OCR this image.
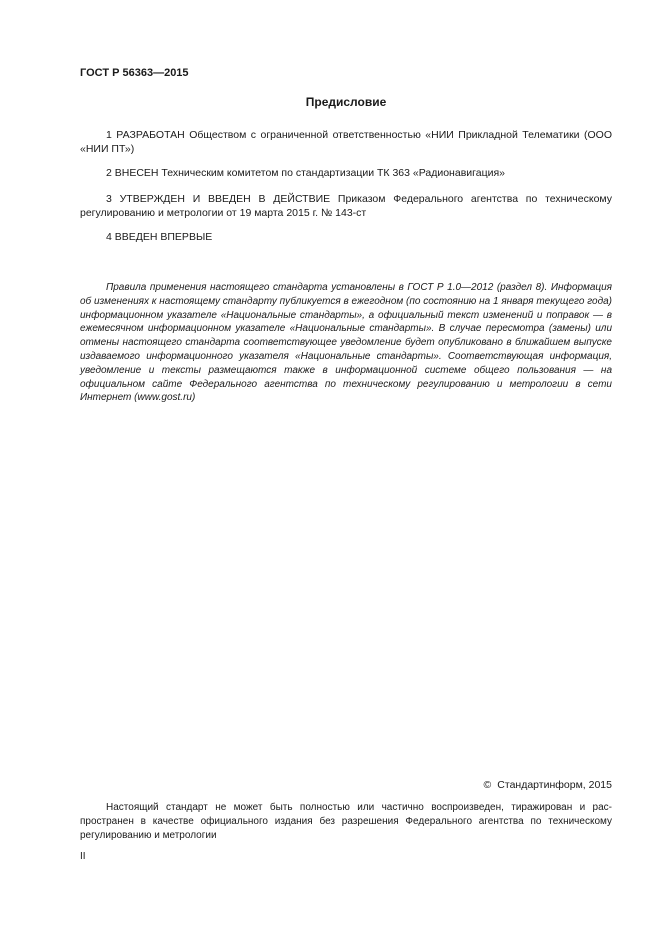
ГОСТ Р 56363—2015
Предисловие

1 РАЗРАБОТАН Обществом с ограниченной ответственностью «НИИ Прикладной Телематики (ООО «НИИ ПТ»)

2 ВНЕСЕН Техническим комитетом по стандартизации ТК 363 «Радионавигация»

3 УТВЕРЖДЕН И ВВЕДЕН В ДЕЙСТВИЕ Приказом Федерального агентства по техническому регулированию и метрологии от 19 марта 2015 г. № 143-ст

4 ВВЕДЕН ВПЕРВЫЕ

Правила применения настоящего стандарта установлены в ГОСТ Р 1.0—2012 (раздел 8). Информация об изменениях к настоящему стандарту публикуется в ежегодном (по состоянию на 1 января текущего года) информационном указателе «Национальные стандарты», а официальный текст изменений и поправок — в ежемесячном информационном указателе «Национальные стандарты». В случае пересмотра (замены) или отмены настоящего стандарта соответствующее уведомление будет опубликовано в ближайшем выпуске издаваемого информационного указателя «Национальные стандарты». Соответствующая информация, уведомление и тексты размещаются также в информационной системе общего пользования — на официальном сайте Федерального агентства по техническому регулированию и метрологии в сети Интернет (www.gost.ru)

© Стандартинформ, 2015

Настоящий стандарт не может быть полностью или частично воспроизведен, тиражирован и распространен в качестве официального издания без разрешения Федерального агентства по техническому регулированию и метрологии

II
